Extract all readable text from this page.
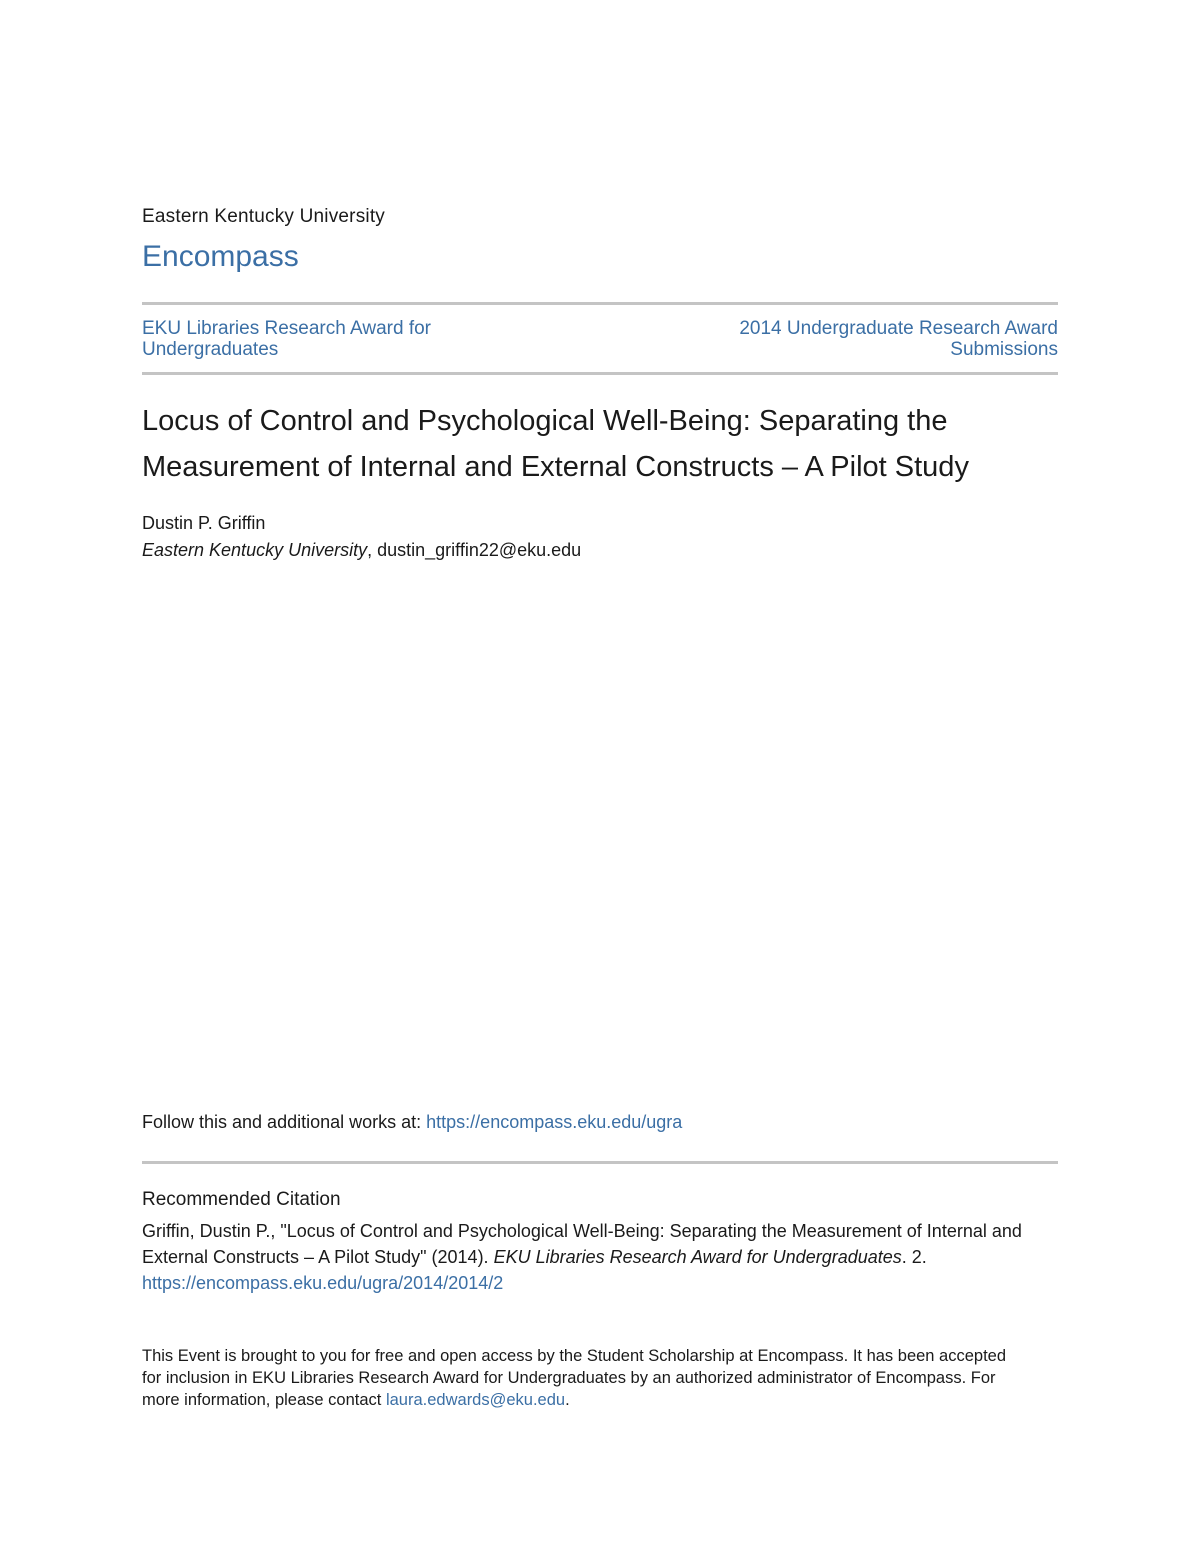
Eastern Kentucky University
Encompass
EKU Libraries Research Award for Undergraduates
2014 Undergraduate Research Award Submissions
Locus of Control and Psychological Well-Being: Separating the Measurement of Internal and External Constructs – A Pilot Study
Dustin P. Griffin
Eastern Kentucky University, dustin_griffin22@eku.edu
Follow this and additional works at: https://encompass.eku.edu/ugra
Recommended Citation
Griffin, Dustin P., "Locus of Control and Psychological Well-Being: Separating the Measurement of Internal and External Constructs – A Pilot Study" (2014). EKU Libraries Research Award for Undergraduates. 2.
https://encompass.eku.edu/ugra/2014/2014/2
This Event is brought to you for free and open access by the Student Scholarship at Encompass. It has been accepted for inclusion in EKU Libraries Research Award for Undergraduates by an authorized administrator of Encompass. For more information, please contact laura.edwards@eku.edu.
